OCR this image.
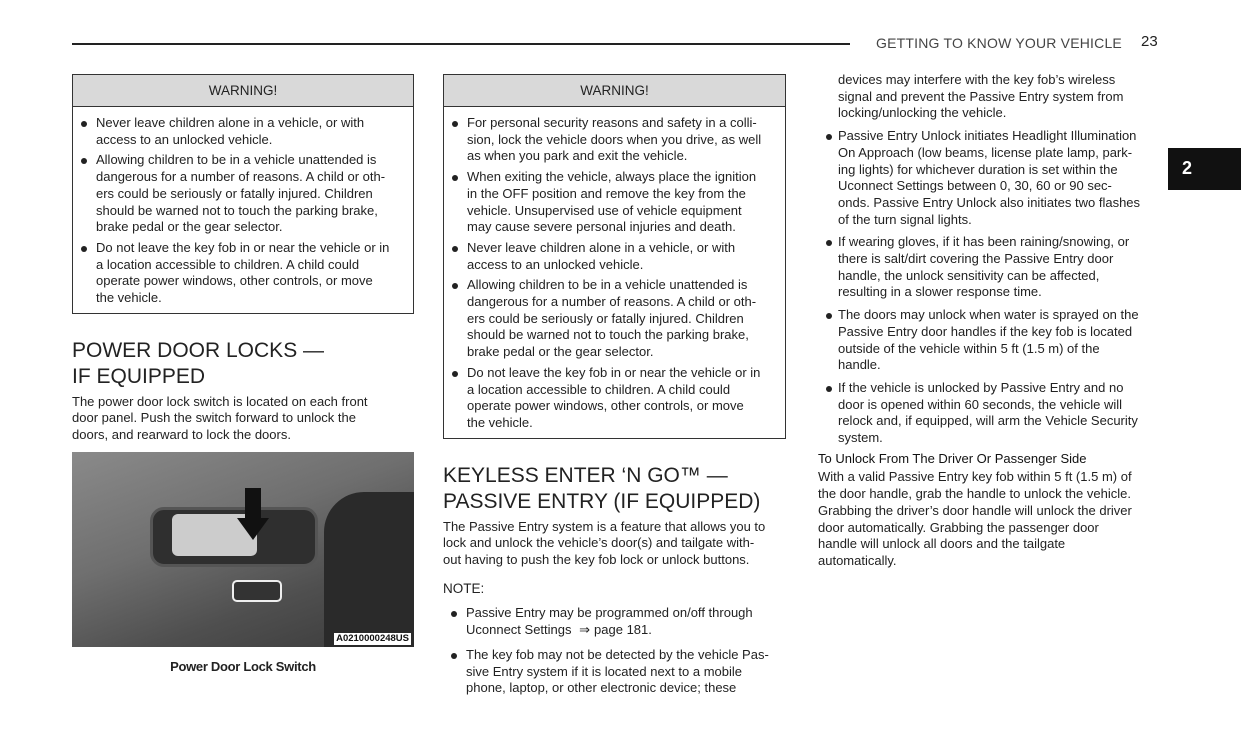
GETTING TO KNOW YOUR VEHICLE 23
2
WARNING!
Never leave children alone in a vehicle, or with
access to an unlocked vehicle.
Allowing children to be in a vehicle unattended is
dangerous for a number of reasons. A child or oth-
ers could be seriously or fatally injured. Children
should be warned not to touch the parking brake,
brake pedal or the gear selector.
Do not leave the key fob in or near the vehicle or in
a location accessible to children. A child could
operate power windows, other controls, or move
the vehicle.
POWER DOOR LOCKS —
IF EQUIPPED

The power door lock switch is located on each front
door panel. Push the switch forward to unlock the
doors, and rearward to lock the doors.

A0210000248US
Power Door Lock Switch
WARNING!
For personal security reasons and safety in a colli-
sion, lock the vehicle doors when you drive, as well
as when you park and exit the vehicle.
When exiting the vehicle, always place the ignition
in the OFF position and remove the key from the
vehicle. Unsupervised use of vehicle equipment
may cause severe personal injuries and death.
Never leave children alone in a vehicle, or with
access to an unlocked vehicle.
Allowing children to be in a vehicle unattended is
dangerous for a number of reasons. A child or oth-
ers could be seriously or fatally injured. Children
should be warned not to touch the parking brake,
brake pedal or the gear selector.
Do not leave the key fob in or near the vehicle or in
a location accessible to children. A child could
operate power windows, other controls, or move
the vehicle.
KEYLESS ENTER ‘N GO™ —
PASSIVE ENTRY (IF EQUIPPED)

The Passive Entry system is a feature that allows you to
lock and unlock the vehicle’s door(s) and tailgate with-
out having to push the key fob lock or unlock buttons.

NOTE:
Passive Entry may be programmed on/off through
Uconnect Settings ⇒ page 181.
The key fob may not be detected by the vehicle Pas-
sive Entry system if it is located next to a mobile
phone, laptop, or other electronic device; these

devices may interfere with the key fob’s wireless
signal and prevent the Passive Entry system from
locking/unlocking the vehicle.

Passive Entry Unlock initiates Headlight Illumination
On Approach (low beams, license plate lamp, park-
ing lights) for whichever duration is set within the
Uconnect Settings between 0, 30, 60 or 90 sec-
onds. Passive Entry Unlock also initiates two flashes
of the turn signal lights.
If wearing gloves, if it has been raining/snowing, or
there is salt/dirt covering the Passive Entry door
handle, the unlock sensitivity can be affected,
resulting in a slower response time.
The doors may unlock when water is sprayed on the
Passive Entry door handles if the key fob is located
outside of the vehicle within 5 ft (1.5 m) of the
handle.
If the vehicle is unlocked by Passive Entry and no
door is opened within 60 seconds, the vehicle will
relock and, if equipped, will arm the Vehicle Security
system.
To Unlock From The Driver Or Passenger Side

With a valid Passive Entry key fob within 5 ft (1.5 m) of
the door handle, grab the handle to unlock the vehicle.
Grabbing the driver’s door handle will unlock the driver
door automatically. Grabbing the passenger door
handle will unlock all doors and the tailgate
automatically.
